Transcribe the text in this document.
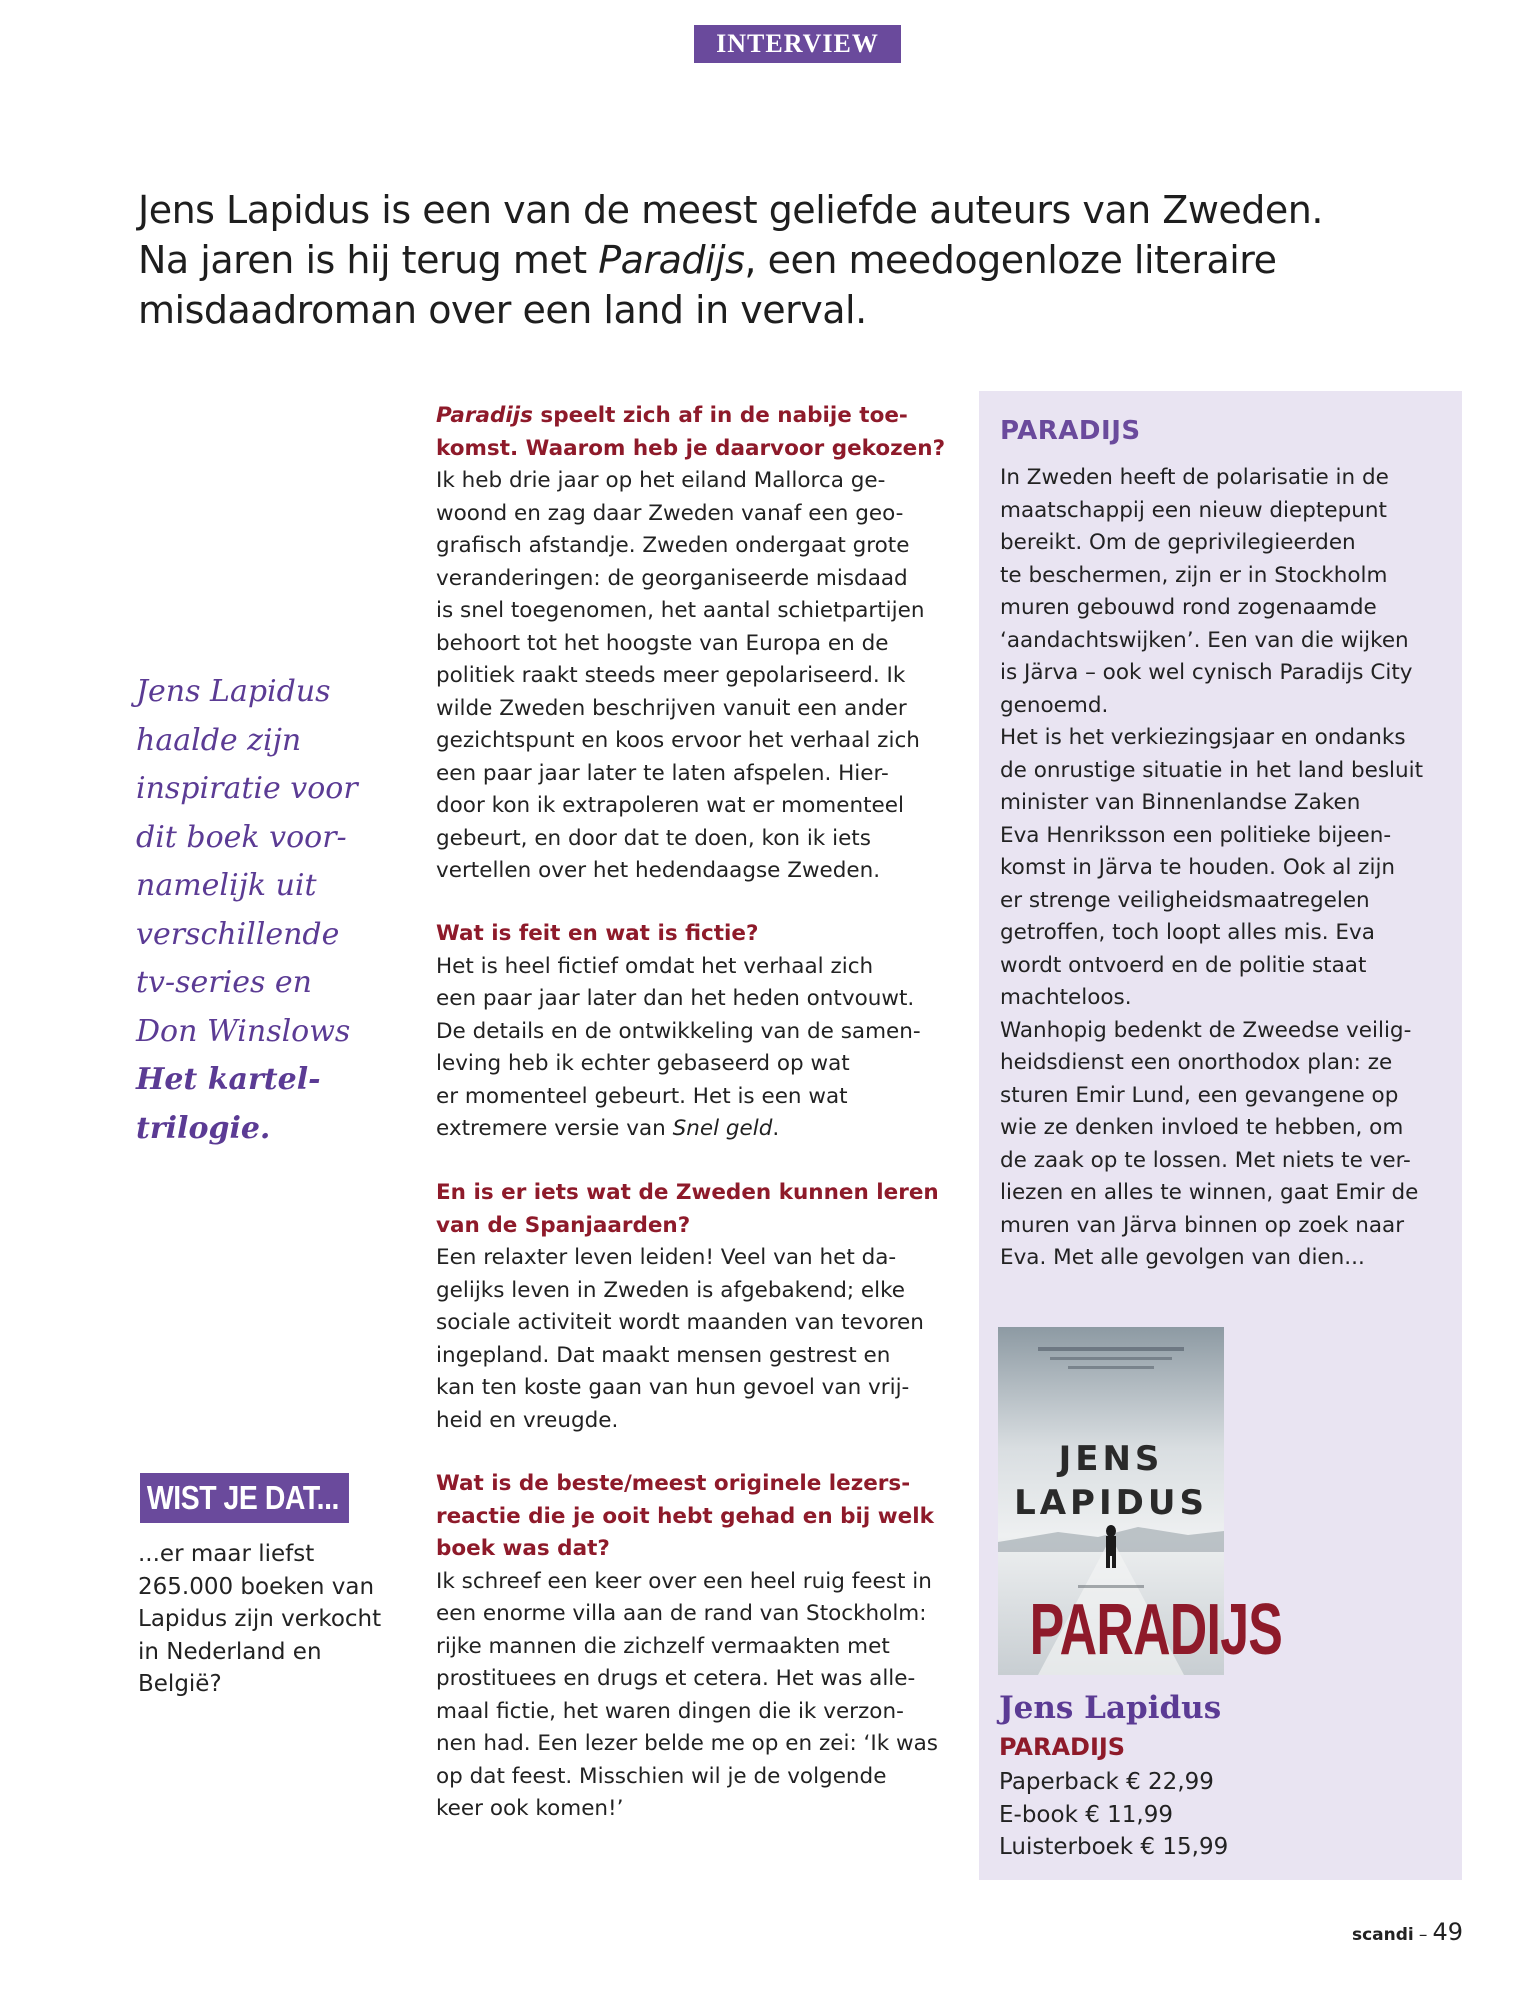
INTERVIEW

Jens Lapidus is een van de meest geliefde auteurs van Zweden.

Na jaren is hij terug met Paradijs, een meedogenloze literaire

misdaadroman over een land in verval.

Jens Lapidus

haalde zijn

inspiratie voor

dit boek voor-

namelijk uit

verschillende

tv-series en

Don Winslows

Het kartel-

trilogie.

WIST JE DAT...

...er maar liefst

265.000 boeken van

Lapidus zijn verkocht

in Nederland en

België?

Paradijs speelt zich af in de nabije toe-

komst. Waarom heb je daarvoor gekozen?

Ik heb drie jaar op het eiland Mallorca ge-

woond en zag daar Zweden vanaf een geo-

grafisch afstandje. Zweden ondergaat grote

veranderingen: de georganiseerde misdaad

is snel toegenomen, het aantal schietpartijen

behoort tot het hoogste van Europa en de

politiek raakt steeds meer gepolariseerd. Ik

wilde Zweden beschrijven vanuit een ander

gezichtspunt en koos ervoor het verhaal zich

een paar jaar later te laten afspelen. Hier-

door kon ik extrapoleren wat er momenteel

gebeurt, en door dat te doen, kon ik iets

vertellen over het hedendaagse Zweden.

Wat is feit en wat is fictie?

Het is heel fictief omdat het verhaal zich

een paar jaar later dan het heden ontvouwt.

De details en de ontwikkeling van de samen-

leving heb ik echter gebaseerd op wat

er momenteel gebeurt. Het is een wat

extremere versie van Snel geld.

En is er iets wat de Zweden kunnen leren

van de Spanjaarden?

Een relaxter leven leiden! Veel van het da-

gelijks leven in Zweden is afgebakend; elke

sociale activiteit wordt maanden van tevoren

ingepland. Dat maakt mensen gestrest en

kan ten koste gaan van hun gevoel van vrij-

heid en vreugde.

Wat is de beste/meest originele lezers-

reactie die je ooit hebt gehad en bij welk

boek was dat?

Ik schreef een keer over een heel ruig feest in

een enorme villa aan de rand van Stockholm:

rijke mannen die zichzelf vermaakten met

prostituees en drugs et cetera. Het was alle-

maal fictie, het waren dingen die ik verzon-

nen had. Een lezer belde me op en zei: ‘Ik was

op dat feest. Misschien wil je de volgende

keer ook komen!’

PARADIJS

In Zweden heeft de polarisatie in de

maatschappij een nieuw dieptepunt

bereikt. Om de geprivilegieerden

te beschermen, zijn er in Stockholm

muren gebouwd rond zogenaamde

‘aandachtswijken’. Een van die wijken

is Järva – ook wel cynisch Paradijs City

genoemd.

Het is het verkiezingsjaar en ondanks

de onrustige situatie in het land besluit

minister van Binnenlandse Zaken

Eva Henriksson een politieke bijeen-

komst in Järva te houden. Ook al zijn

er strenge veiligheidsmaatregelen

getroffen, toch loopt alles mis. Eva

wordt ontvoerd en de politie staat

machteloos.

Wanhopig bedenkt de Zweedse veilig-

heidsdienst een onorthodox plan: ze

sturen Emir Lund, een gevangene op

wie ze denken invloed te hebben, om

de zaak op te lossen. Met niets te ver-

liezen en alles te winnen, gaat Emir de

muren van Järva binnen op zoek naar

Eva. Met alle gevolgen van dien...

JENS
LAPIDUS
PARADIJS
Jens Lapidus
PARADIJS

Paperback € 22,99

E-book € 11,99

Luisterboek € 15,99

scandi – 49
